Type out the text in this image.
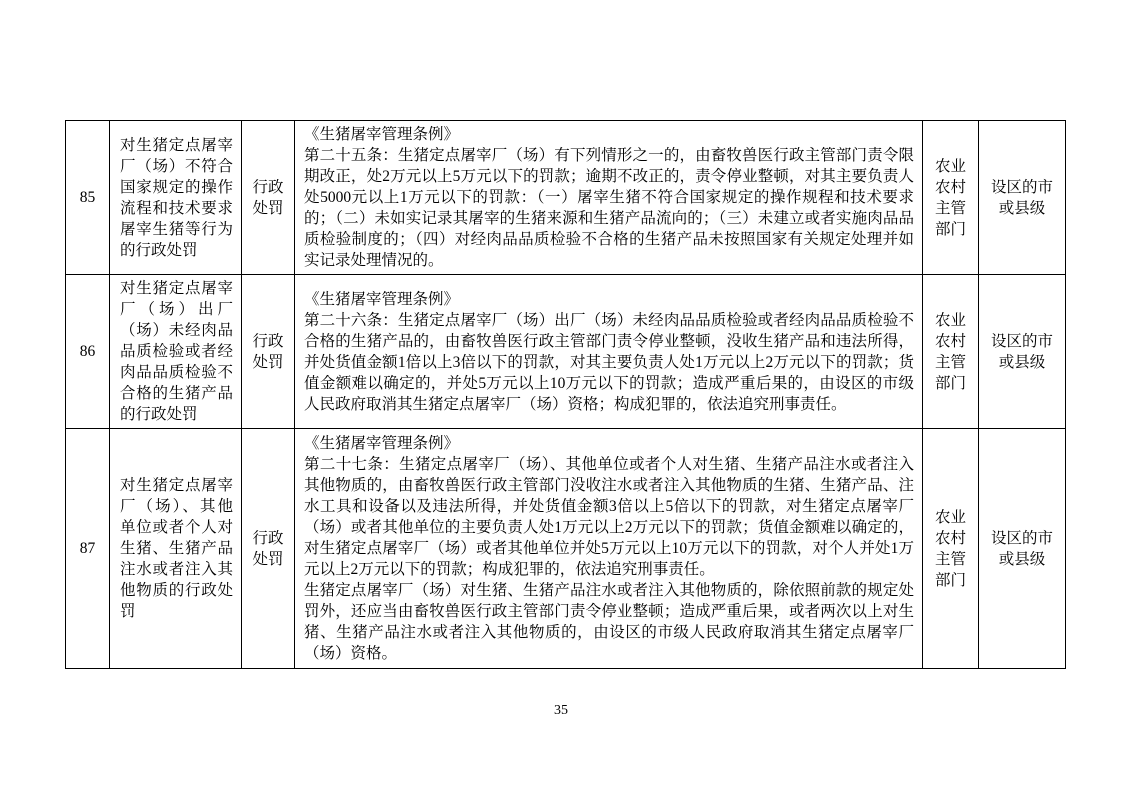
85	对生猪定点屠宰厂（场）不符合国家规定的操作流程和技术要求屠宰生猪等行为的行政处罚	行政处罚	《生猪屠宰管理条例》
第二十五条：生猪定点屠宰厂（场）有下列情形之一的，由畜牧兽医行政主管部门责令限期改正，处2万元以上5万元以下的罚款；逾期不改正的，责令停业整顿，对其主要负责人处5000元以上1万元以下的罚款：（一）屠宰生猪不符合国家规定的操作规程和技术要求的；（二）未如实记录其屠宰的生猪来源和生猪产品流向的；（三）未建立或者实施肉品品质检验制度的；（四）对经肉品品质检验不合格的生猪产品未按照国家有关规定处理并如实记录处理情况的。	农业农村主管部门	设区的市或县级
86	对生猪定点屠宰厂（场）出厂（场）未经肉品品质检验或者经肉品品质检验不合格的生猪产品的行政处罚	行政处罚	《生猪屠宰管理条例》
第二十六条：生猪定点屠宰厂（场）出厂（场）未经肉品品质检验或者经肉品品质检验不合格的生猪产品的，由畜牧兽医行政主管部门责令停业整顿，没收生猪产品和违法所得，并处货值金额1倍以上3倍以下的罚款，对其主要负责人处1万元以上2万元以下的罚款；货值金额难以确定的，并处5万元以上10万元以下的罚款；造成严重后果的，由设区的市级人民政府取消其生猪定点屠宰厂（场）资格；构成犯罪的，依法追究刑事责任。	农业农村主管部门	设区的市或县级
87	对生猪定点屠宰厂（场）、其他单位或者个人对生猪、生猪产品注水或者注入其他物质的行政处罚	行政处罚	《生猪屠宰管理条例》
第二十七条：生猪定点屠宰厂（场）、其他单位或者个人对生猪、生猪产品注水或者注入其他物质的，由畜牧兽医行政主管部门没收注水或者注入其他物质的生猪、生猪产品、注水工具和设备以及违法所得，并处货值金额3倍以上5倍以下的罚款，对生猪定点屠宰厂（场）或者其他单位的主要负责人处1万元以上2万元以下的罚款；货值金额难以确定的，对生猪定点屠宰厂（场）或者其他单位并处5万元以上10万元以下的罚款，对个人并处1万元以上2万元以下的罚款；构成犯罪的，依法追究刑事责任。
生猪定点屠宰厂（场）对生猪、生猪产品注水或者注入其他物质的，除依照前款的规定处罚外，还应当由畜牧兽医行政主管部门责令停业整顿；造成严重后果，或者两次以上对生猪、生猪产品注水或者注入其他物质的，由设区的市级人民政府取消其生猪定点屠宰厂（场）资格。	农业农村主管部门	设区的市或县级
35
